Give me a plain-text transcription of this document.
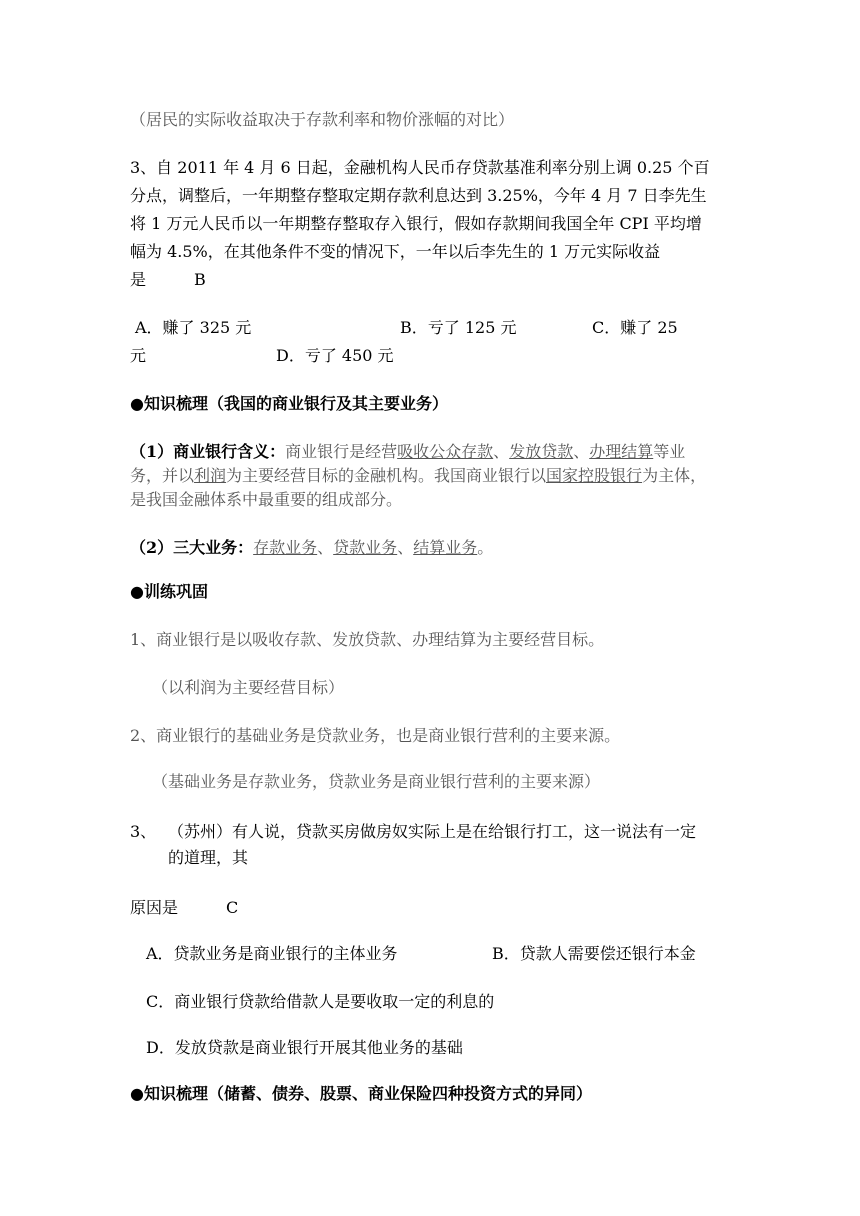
（居民的实际收益取决于存款利率和物价涨幅的对比）
3、自 2011 年 4 月 6 日起，金融机构人民币存贷款基准利率分别上调 0.25 个百
分点，调整后，一年期整存整取定期存款利息达到 3.25%，今年 4 月 7 日李先生
将 1 万元人民币以一年期整存整取存入银行，假如存款期间我国全年 CPI 平均增
幅为 4.5%，在其他条件不变的情况下，一年以后李先生的 1 万元实际收益
是　　　B
A．赚了 325 元	B．亏了 125 元	C．赚了 25
元	D．亏了 450 元
●知识梳理（我国的商业银行及其主要业务）
（1）商业银行含义：商业银行是经营吸收公众存款、发放贷款、办理结算等业
务，并以利润为主要经营目标的金融机构。我国商业银行以国家控股银行为主体，
是我国金融体系中最重要的组成部分。
（2）三大业务：存款业务、贷款业务、结算业务。
●训练巩固
1、商业银行是以吸收存款、发放贷款、办理结算为主要经营目标。
（以利润为主要经营目标）
2、商业银行的基础业务是贷款业务，也是商业银行营利的主要来源。
（基础业务是存款业务，贷款业务是商业银行营利的主要来源）
3、 （苏州）有人说，贷款买房做房奴实际上是在给银行打工，这一说法有一定
的道理，其
原因是　　　C
A．贷款业务是商业银行的主体业务	B．贷款人需要偿还银行本金
C．商业银行贷款给借款人是要收取一定的利息的
D．发放贷款是商业银行开展其他业务的基础
●知识梳理（储蓄、债券、股票、商业保险四种投资方式的异同）
